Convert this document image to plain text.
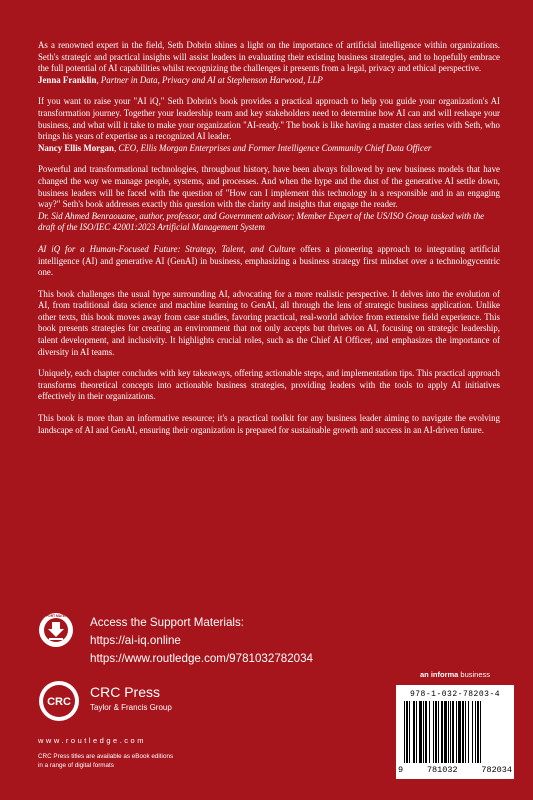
As a renowned expert in the field, Seth Dobrin shines a light on the importance of artificial intelligence within organizations. Seth's strategic and practical insights will assist leaders in evaluating their existing business strategies, and to hopefully embrace the full potential of AI capabilities whilst recognizing the challenges it presents from a legal, privacy and ethical perspective.
Jenna Franklin, Partner in Data, Privacy and AI at Stephenson Harwood, LLP

If you want to raise your "AI iQ," Seth Dobrin's book provides a practical approach to help you guide your organization's AI transformation journey. Together your leadership team and key stakeholders need to determine how AI can and will reshape your business, and what will it take to make your organization "AI-ready." The book is like having a master class series with Seth, who brings his years of expertise as a recognized AI leader.
Nancy Ellis Morgan, CEO, Ellis Morgan Enterprises and Former Intelligence Community Chief Data Officer

Powerful and transformational technologies, throughout history, have been always followed by new business models that have changed the way we manage people, systems, and processes. And when the hype and the dust of the generative AI settle down, business leaders will be faced with the question of "How can I implement this technology in a responsible and in an engaging way?" Seth's book addresses exactly this question with the clarity and insights that engage the reader.
Dr. Sid Ahmed Benraouane, author, professor, and Government advisor; Member Expert of the US/ISO Group tasked with the draft of the ISO/IEC 42001:2023 Artificial Management System

AI iQ for a Human-Focused Future: Strategy, Talent, and Culture offers a pioneering approach to integrating artificial intelligence (AI) and generative AI (GenAI) in business, emphasizing a business strategy first mindset over a technologycentric one.

This book challenges the usual hype surrounding AI, advocating for a more realistic perspective. It delves into the evolution of AI, from traditional data science and machine learning to GenAI, all through the lens of strategic business application. Unlike other texts, this book moves away from case studies, favoring practical, real-world advice from extensive field experience. This book presents strategies for creating an environment that not only accepts but thrives on AI, focusing on strategic leadership, talent development, and inclusivity. It highlights crucial roles, such as the Chief AI Officer, and emphasizes the importance of diversity in AI teams.

Uniquely, each chapter concludes with key takeaways, offering actionable steps, and implementation tips. This practical approach transforms theoretical concepts into actionable business strategies, providing leaders with the tools to apply AI initiatives effectively in their organizations.

This book is more than an informative resource; it's a practical toolkit for any business leader aiming to navigate the evolving landscape of AI and GenAI, ensuring their organization is prepared for sustainable growth and success in an AI-driven future.

SUPPORT MATERIAL Access the Support Materials:
https://ai-iq.online
https://www.routledge.com/9781032782034
CRC
CRC Press
Taylor & Francis Group
www.routledge.com
CRC Press titles are available as eBook editions
in a range of digital formats
an informa business
978-1-032-78203-4
9	781032	782034
